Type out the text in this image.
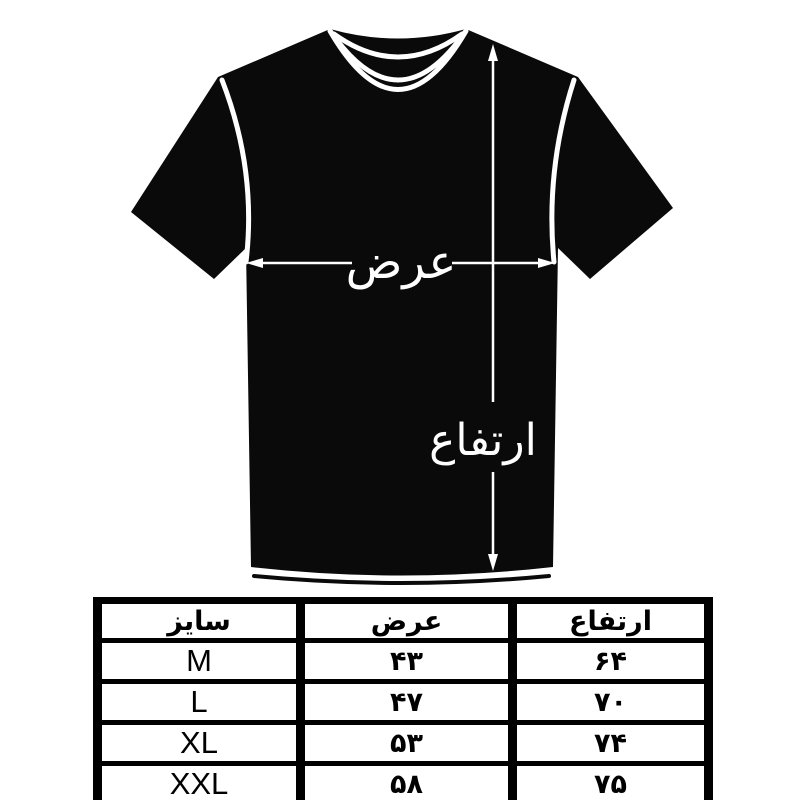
عرض
ارتفاع
سایز	عرض	ارتفاع
M	۴۳	۶۴
L	۴۷	۷۰
XL	۵۳	۷۴
XXL	۵۸	۷۵
